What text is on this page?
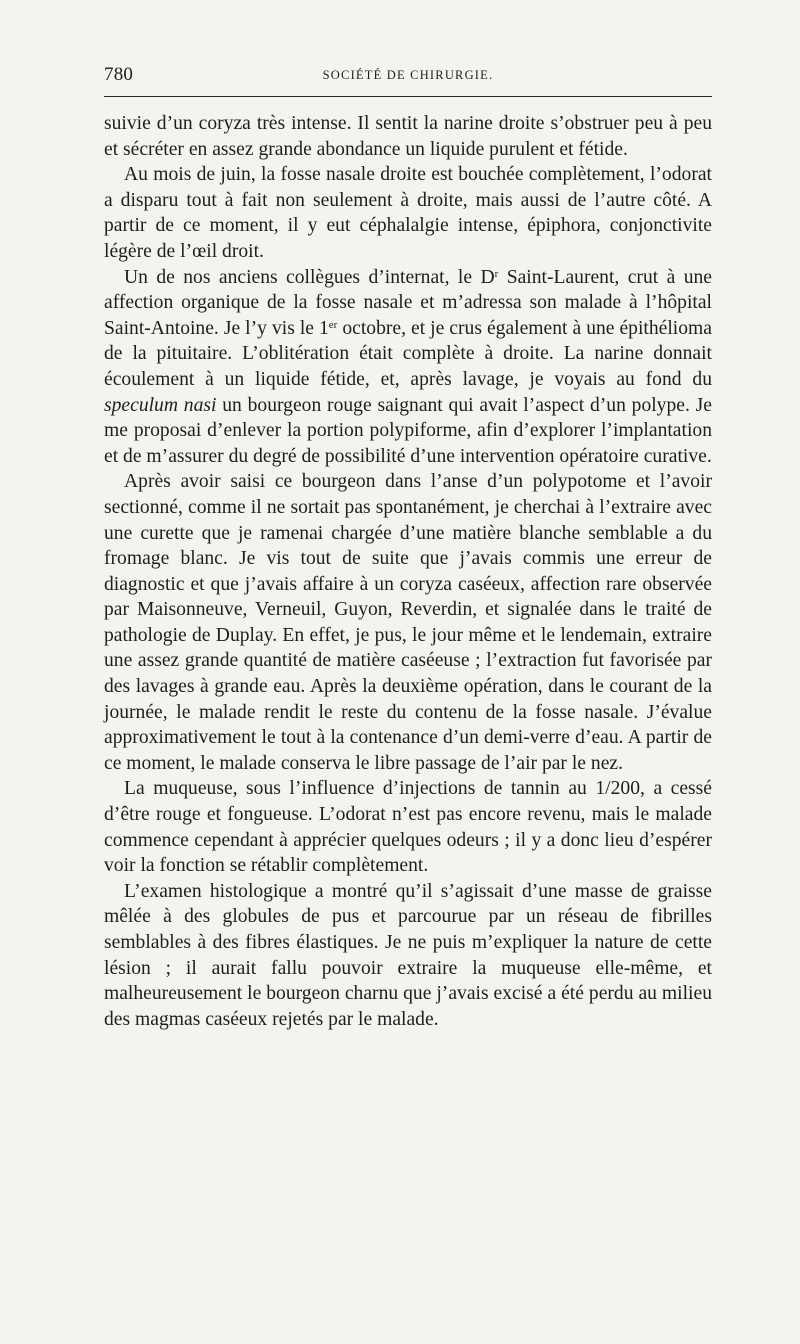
780	SOCIÉTÉ DE CHIRURGIE.

suivie d’un coryza très intense. Il sentit la narine droite s’obstruer peu à peu et sécréter en assez grande abondance un liquide purulent et fétide.

Au mois de juin, la fosse nasale droite est bouchée complètement, l’odorat a disparu tout à fait non seulement à droite, mais aussi de l’autre côté. A partir de ce moment, il y eut céphalalgie intense, épiphora, conjonctivite légère de l’œil droit.

Un de nos anciens collègues d’internat, le $D^r$ Saint-Laurent, crut à une affection organique de la fosse nasale et m’adressa son malade à l’hôpital Saint-Antoine. Je l’y vis le 1er octobre, et je crus également à une épithélioma de la pituitaire. L’oblitération était complète à droite. La narine donnait écoulement à un liquide fétide, et, après lavage, je voyais au fond du speculum nasi un bourgeon rouge saignant qui avait l’aspect d’un polype. Je me proposai d’enlever la portion polypiforme, afin d’explorer l’implantation et de m’assurer du degré de possibilité d’une intervention opératoire curative.

Après avoir saisi ce bourgeon dans l’anse d’un polypotome et l’avoir sectionné, comme il ne sortait pas spontanément, je cherchai à l’extraire avec une curette que je ramenai chargée d’une matière blanche semblable a du fromage blanc. Je vis tout de suite que j’avais commis une erreur de diagnostic et que j’avais affaire à un coryza caséeux, affection rare observée par Maisonneuve, Verneuil, Guyon, Reverdin, et signalée dans le traité de pathologie de Duplay. En effet, je pus, le jour même et le lendemain, extraire une assez grande quantité de matière caséeuse ; l’extraction fut favorisée par des lavages à grande eau. Après la deuxième opération, dans le courant de la journée, le malade rendit le reste du contenu de la fosse nasale. J’évalue approximativement le tout à la contenance d’un demi-verre d’eau. A partir de ce moment, le malade conserva le libre passage de l’air par le nez.

La muqueuse, sous l’influence d’injections de tannin au 1/200, a cessé d’être rouge et fongueuse. L’odorat n’est pas encore revenu, mais le malade commence cependant à apprécier quelques odeurs ; il y a donc lieu d’espérer voir la fonction se rétablir complètement.

L’examen histologique a montré qu’il s’agissait d’une masse de graisse mêlée à des globules de pus et parcourue par un réseau de fibrilles semblables à des fibres élastiques. Je ne puis m’expliquer la nature de cette lésion ; il aurait fallu pouvoir extraire la muqueuse elle-même, et malheureusement le bourgeon charnu que j’avais excisé a été perdu au milieu des magmas caséeux rejetés par le malade.
